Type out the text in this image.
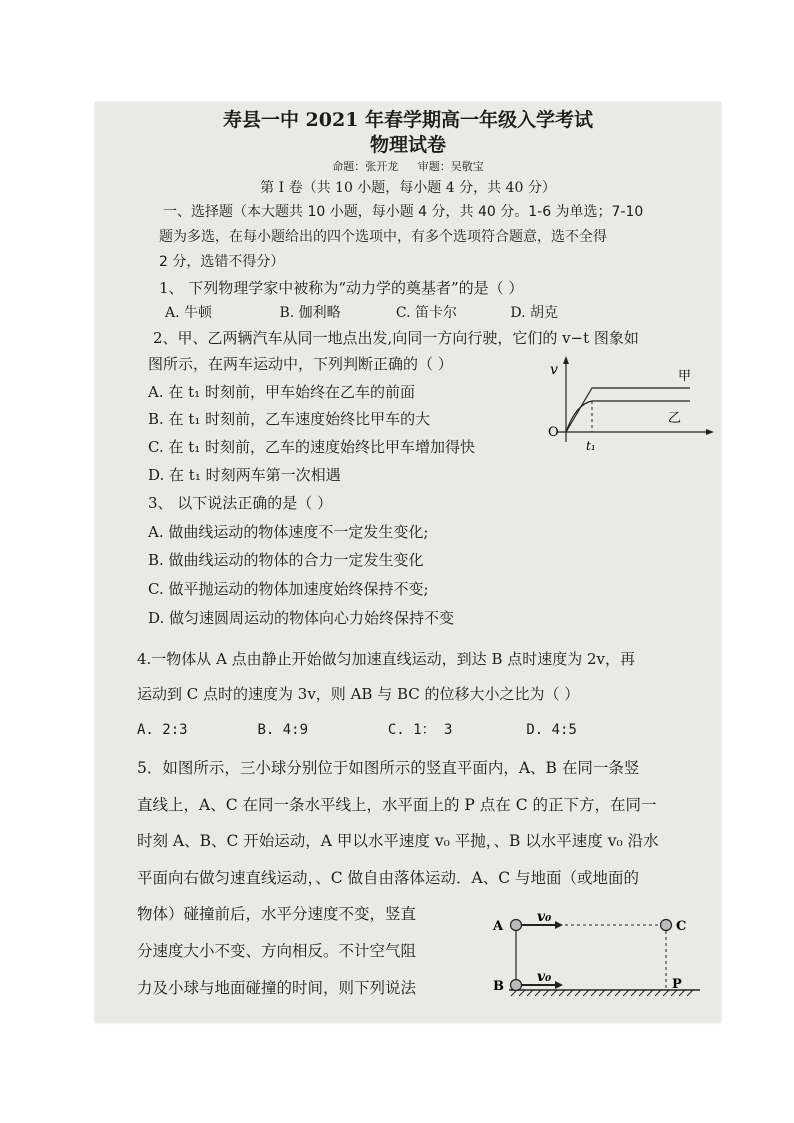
寿县一中 2021 年春学期高一年级入学考试
物理试卷
命题：张开龙 审题：吴敬宝
第 I 卷（共 10 小题，每小题 4 分，共 40 分）
一、选择题（本大题共 10 小题，每小题 4 分，共 40 分。1-6 为单选；7-10
题为多选，在每小题给出的四个选项中，有多个选项符合题意，选不全得
2 分，选错不得分）
1、 下列物理学家中被称为“动力学的奠基者”的是（ ）
A. 牛顿	B. 伽利略	C. 笛卡尔	D. 胡克
2、甲、乙两辆汽车从同一地点出发,向同一方向行驶，它们的 v−t 图象如
图所示，在两车运动中，下列判断正确的（ ）
A. 在 t₁ 时刻前，甲车始终在乙车的前面
B. 在 t₁ 时刻前，乙车速度始终比甲车的大
C. 在 t₁ 时刻前，乙车的速度始终比甲车增加得快
D. 在 t₁ 时刻两车第一次相遇
v
O
t₁
甲
乙
3、 以下说法正确的是（ ）
A. 做曲线运动的物体速度不一定发生变化;
B. 做曲线运动的物体的合力一定发生变化
C. 做平抛运动的物体加速度始终保持不变;
D. 做匀速圆周运动的物体向心力始终保持不变
4.一物体从 A 点由静止开始做匀加速直线运动，到达 B 点时速度为 2v，再
运动到 C 点时的速度为 3v，则 AB 与 BC 的位移大小之比为（ ）
A. 2:3	B. 4:9	C. 1： 3	D. 4:5
5．如图所示，三小球分别位于如图所示的竖直平面内，A、B 在同一条竖
直线上，A、C 在同一条水平线上，水平面上的 P 点在 C 的正下方，在同一
时刻 A、B、C 开始运动，A 甲以水平速度 v₀ 平抛，、B 以水平速度 v₀ 沿水
平面向右做匀速直线运动，、C 做自由落体运动．A、C 与地面（或地面的
物体）碰撞前后，水平分速度不变，竖直
分速度大小不变、方向相反。不计空气阻
力及小球与地面碰撞的时间，则下列说法
A
B
C
P
v₀
v₀
